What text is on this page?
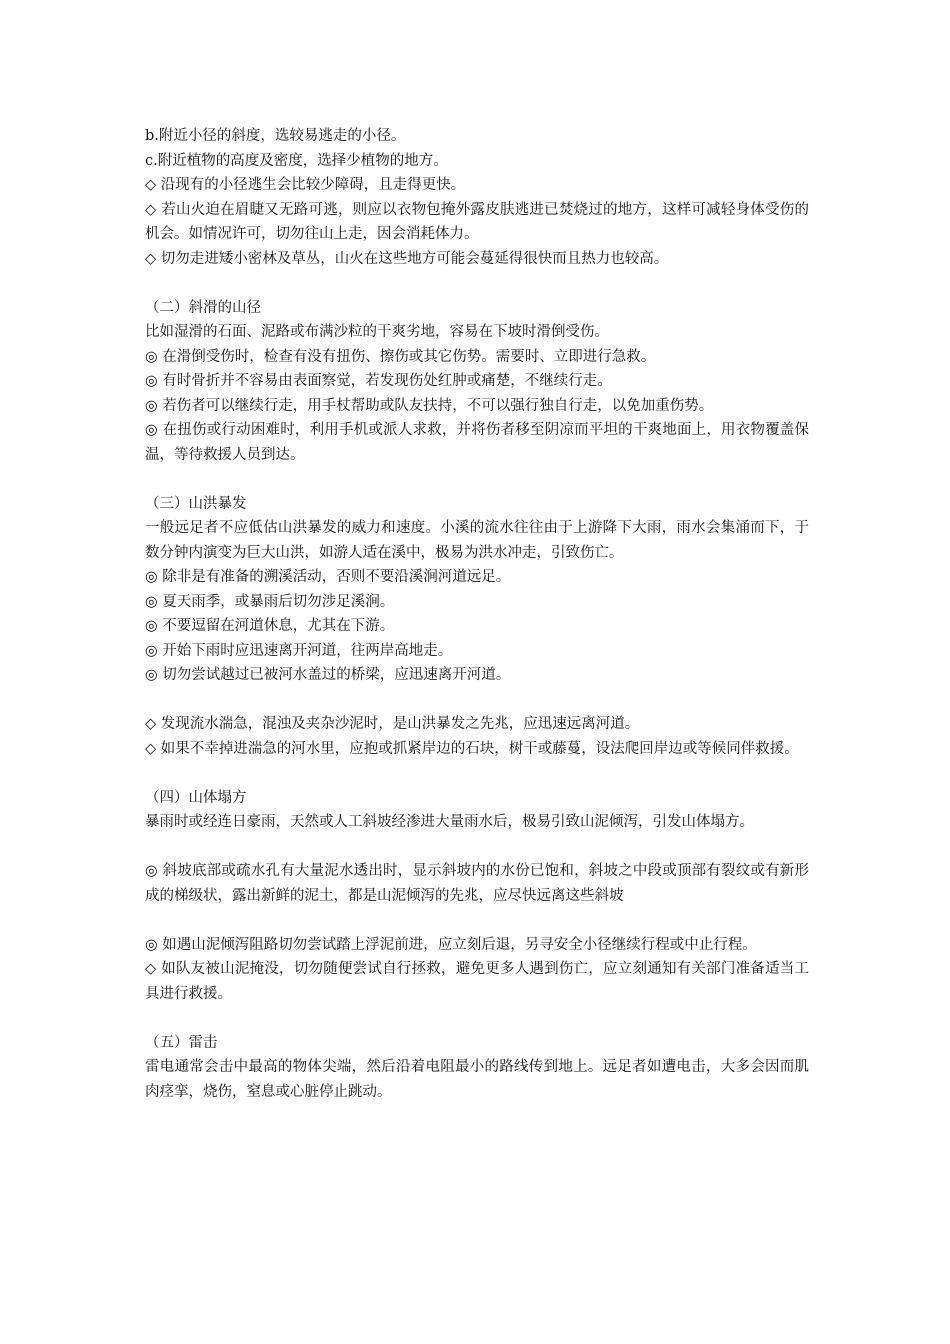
b.附近小径的斜度，选较易逃走的小径。
c.附近植物的高度及密度，选择少植物的地方。
◇ 沿现有的小径逃生会比较少障碍，且走得更快。
◇ 若山火迫在眉睫又无路可逃，则应以衣物包掩外露皮肤逃进已焚烧过的地方，这样可减轻身体受伤的机会。如情况许可，切勿往山上走，因会消耗体力。
◇ 切勿走进矮小密林及草丛，山火在这些地方可能会蔓延得很快而且热力也较高。
（二）斜滑的山径
比如湿滑的石面、泥路或布满沙粒的干爽劣地，容易在下坡时滑倒受伤。
◎ 在滑倒受伤时，检查有没有扭伤、擦伤或其它伤势。需要时、立即进行急救。
◎ 有时骨折并不容易由表面察觉，若发现伤处红肿或痛楚，不继续行走。
◎ 若伤者可以继续行走，用手杖帮助或队友扶持，不可以强行独自行走，以免加重伤势。
◎ 在扭伤或行动困难时，利用手机或派人求救，并将伤者移至阴凉而平坦的干爽地面上，用衣物覆盖保温，等待救援人员到达。
（三）山洪暴发
一般远足者不应低估山洪暴发的威力和速度。小溪的流水往往由于上游降下大雨，雨水会集涌而下，于数分钟内演变为巨大山洪，如游人适在溪中，极易为洪水冲走，引致伤亡。
◎ 除非是有准备的溯溪活动，否则不要沿溪涧河道远足。
◎ 夏天雨季，或暴雨后切勿涉足溪涧。
◎ 不要逗留在河道休息，尤其在下游。
◎ 开始下雨时应迅速离开河道，往两岸高地走。
◎ 切勿尝试越过已被河水盖过的桥梁，应迅速离开河道。
◇ 发现流水湍急，混浊及夹杂沙泥时，是山洪暴发之先兆，应迅速远离河道。
◇ 如果不幸掉进湍急的河水里，应抱或抓紧岸边的石块，树干或藤蔓，设法爬回岸边或等候同伴救援。
（四）山体塌方
暴雨时或经连日豪雨，天然或人工斜坡经渗进大量雨水后，极易引致山泥倾泻，引发山体塌方。
◎ 斜坡底部或疏水孔有大量泥水透出时，显示斜坡内的水份已饱和，斜坡之中段或顶部有裂纹或有新形成的梯级状，露出新鲜的泥土，都是山泥倾泻的先兆，应尽快远离这些斜坡
◎ 如遇山泥倾泻阻路切勿尝试踏上浮泥前进，应立刻后退，另寻安全小径继续行程或中止行程。
◇ 如队友被山泥掩没，切勿随便尝试自行拯救，避免更多人遇到伤亡，应立刻通知有关部门准备适当工具进行救援。
（五）雷击
雷电通常会击中最高的物体尖端，然后沿着电阻最小的路线传到地上。远足者如遭电击，大多会因而肌肉痉挛，烧伤，窒息或心脏停止跳动。
